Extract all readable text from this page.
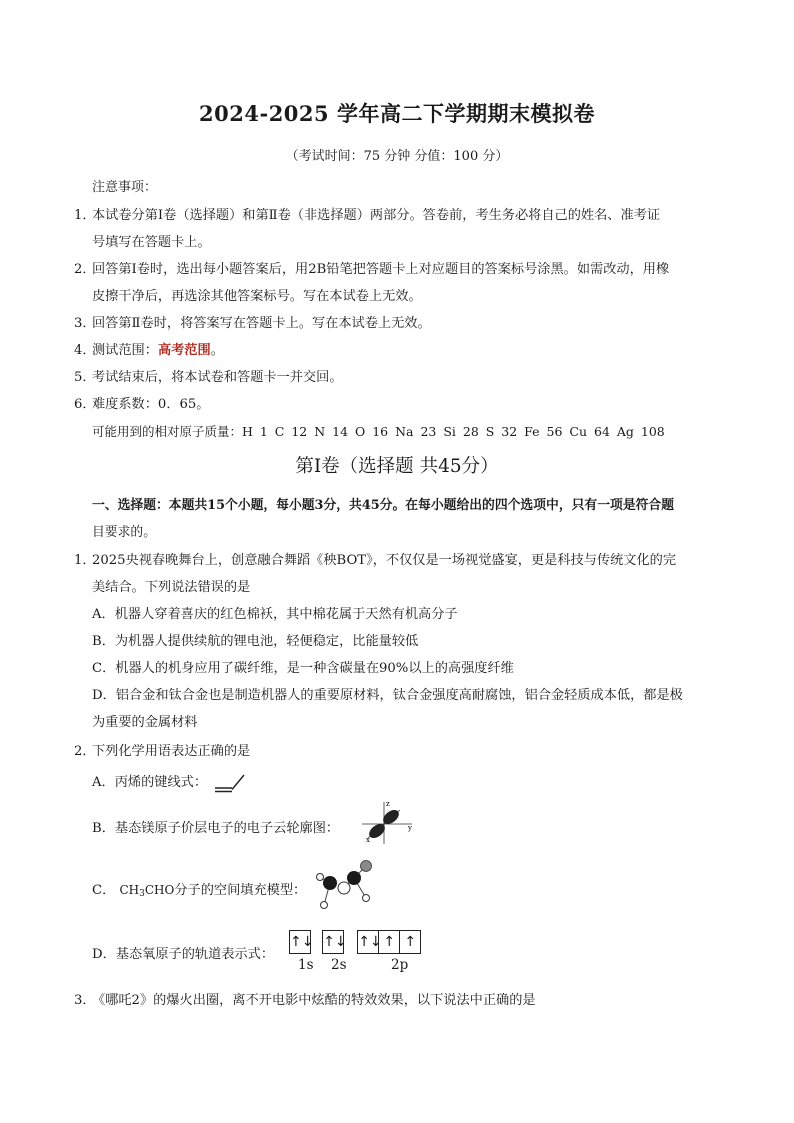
2024-2025 学年高二下学期期末模拟卷
（考试时间：75 分钟 分值：100 分）
注意事项：
1．本试卷分第Ⅰ卷（选择题）和第Ⅱ卷（非选择题）两部分。答卷前，考生务必将自己的姓名、准考证
号填写在答题卡上。
2．回答第Ⅰ卷时，选出每小题答案后，用2B铅笔把答题卡上对应题目的答案标号涂黑。如需改动，用橡
皮擦干净后，再选涂其他答案标号。写在本试卷上无效。
3．回答第Ⅱ卷时，将答案写在答题卡上。写在本试卷上无效。
4．测试范围：高考范围。
5．考试结束后，将本试卷和答题卡一并交回。
6．难度系数：0．65。
可能用到的相对原子质量：H 1 C 12 N 14 O 16 Na 23 Si 28 S 32 Fe 56 Cu 64 Ag 108
第Ⅰ卷（选择题 共45分）
一、选择题：本题共15个小题，每小题3分，共45分。在每小题给出的四个选项中，只有一项是符合题
目要求的。
1．2025央视春晚舞台上，创意融合舞蹈《秧BOT》，不仅仅是一场视觉盛宴，更是科技与传统文化的完
美结合。下列说法错误的是
A．机器人穿着喜庆的红色棉袄，其中棉花属于天然有机高分子
B．为机器人提供续航的锂电池，轻便稳定，比能量较低
C．机器人的机身应用了碳纤维，是一种含碳量在90%以上的高强度纤维
D．铝合金和钛合金也是制造机器人的重要原材料，钛合金强度高耐腐蚀，铝合金轻质成本低，都是极
为重要的金属材料
2．下列化学用语表达正确的是
A．丙烯的键线式：
B．基态镁原子价层电子的电子云轮廓图：	y
z
x
C． $CH_3CHO$分子的空间填充模型：
D．基态氧原子的轨道表示式：
↑↓ ↑↓ ↑↓ ↑ ↑
1s 2s	2p
3．《哪吒2》的爆火出圈，离不开电影中炫酷的特效效果，以下说法中正确的是
